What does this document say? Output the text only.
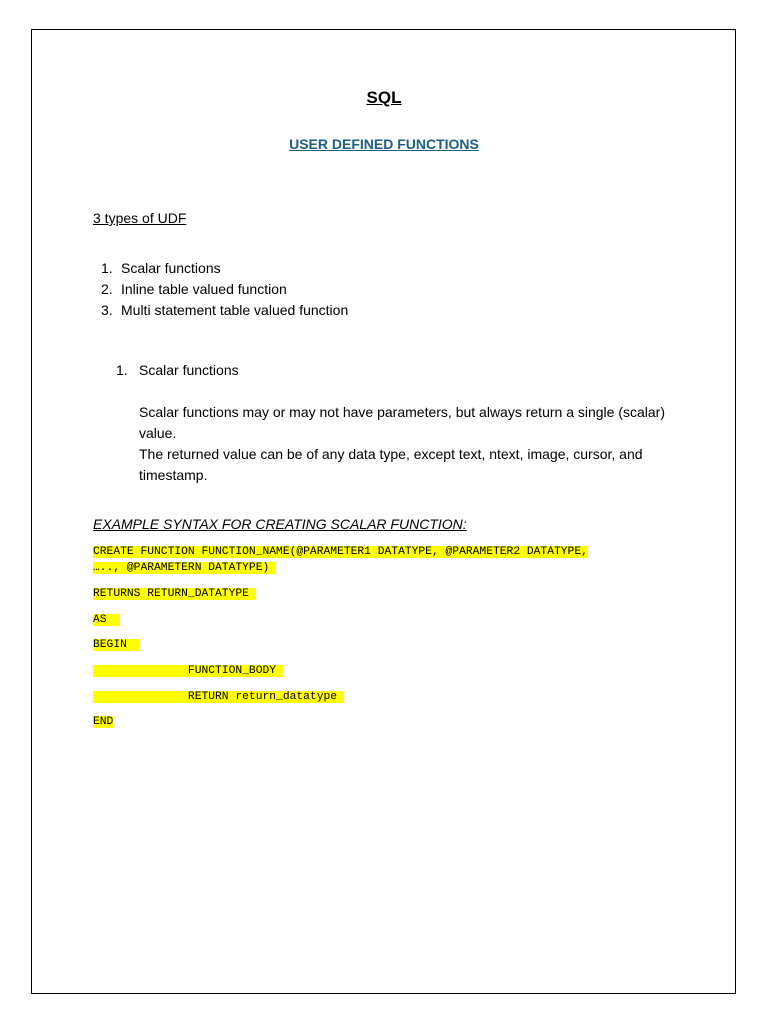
SQL
USER DEFINED FUNCTIONS
3 types of UDF
1. Scalar functions
2. Inline table valued function
3. Multi statement table valued function
1. Scalar functions

Scalar functions may or may not have parameters, but always return a single (scalar) value.

The returned value can be of any data type, except text, ntext, image, cursor, and timestamp.

EXAMPLE SYNTAX FOR CREATING SCALAR FUNCTION:
CREATE FUNCTION FUNCTION_NAME(@PARAMETER1 DATATYPE, @PARAMETER2 DATATYPE,
….., @PARAMETERN DATATYPE)
RETURNS RETURN_DATATYPE
AS
BEGIN
FUNCTION_BODY
RETURN return_datatype
END
